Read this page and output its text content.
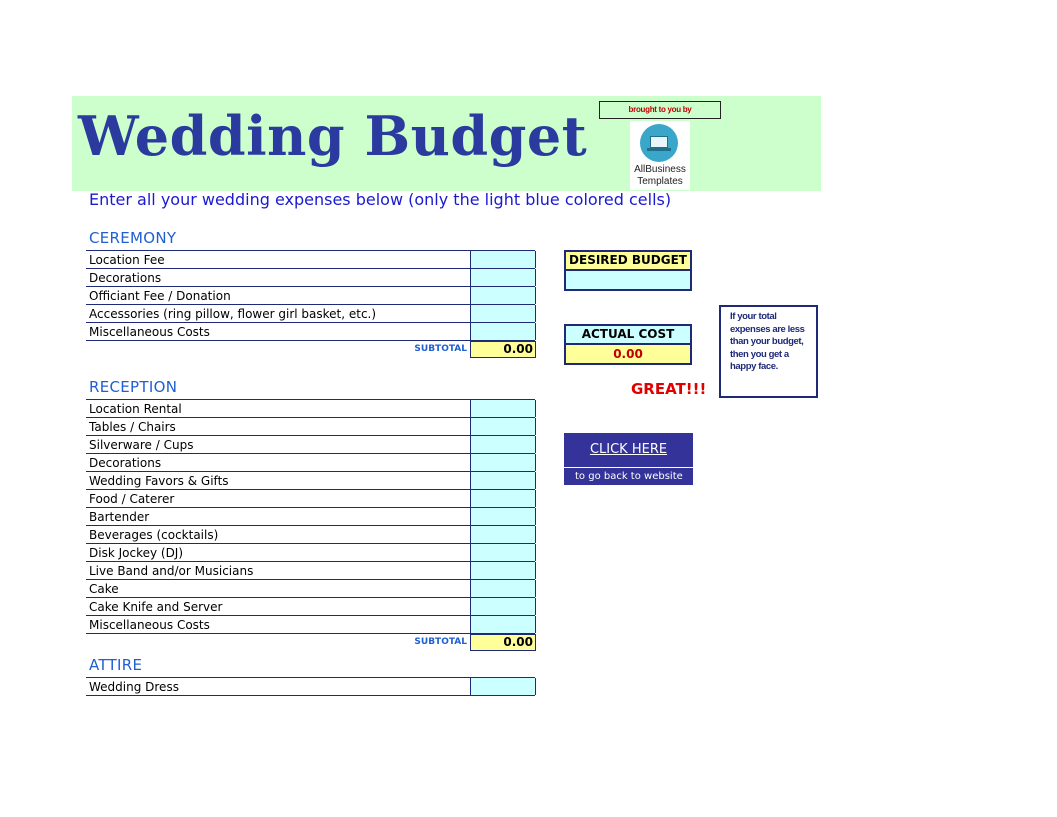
Wedding Budget	brought to you by
AllBusiness
Templates
Enter all your wedding expenses below (only the light blue colored cells)
CEREMONY
Location Fee
Decorations
Officiant Fee / Donation
Accessories (ring pillow, flower girl basket, etc.)
Miscellaneous Costs
SUBTOTAL	0.00
RECEPTION
Location Rental
Tables / Chairs
Silverware / Cups
Decorations
Wedding Favors & Gifts
Food / Caterer
Bartender
Beverages (cocktails)
Disk Jockey (DJ)
Live Band and/or Musicians
Cake
Cake Knife and Server
Miscellaneous Costs
SUBTOTAL	0.00
ATTIRE
Wedding Dress
DESIRED BUDGET
ACTUAL COST
0.00
GREAT!!!
If your total expenses are less than your budget, then you get a happy face.
CLICK HERE
to go back to website
